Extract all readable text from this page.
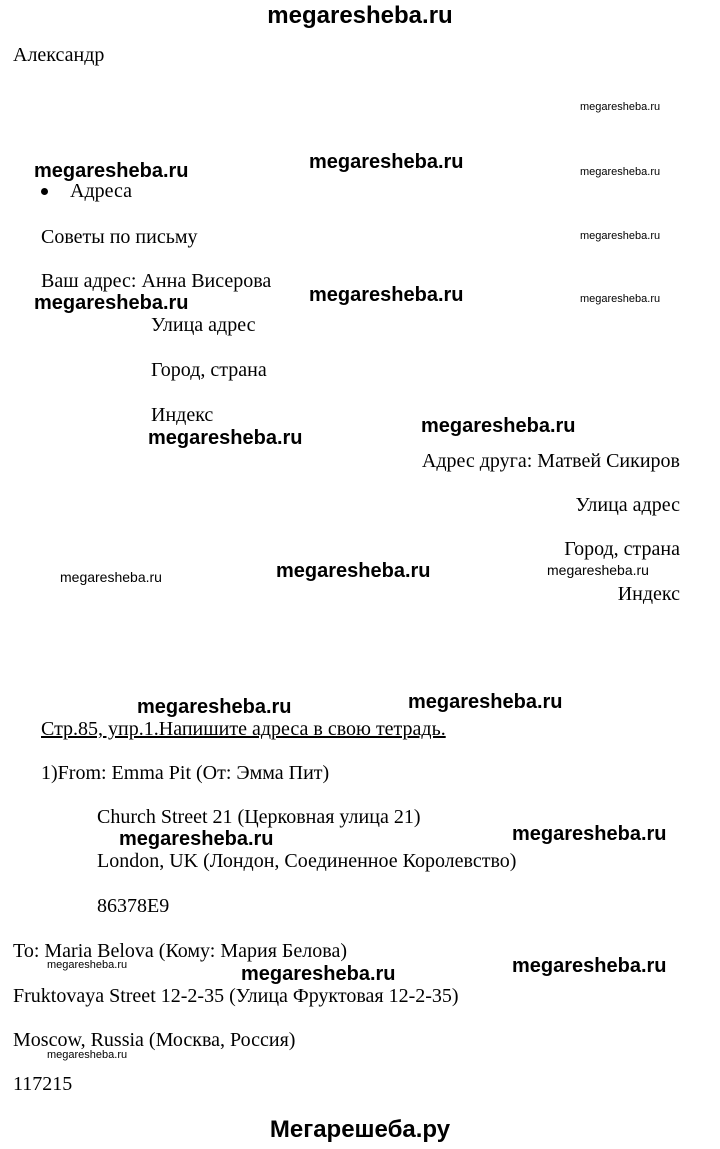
megaresheba.ru
Мегарешеба.ру
Александр
Адреса
Советы по письму
Ваш адрес: Анна Висерова
Улица адрес
Город, страна
Индекс
Адрес друга: Матвей Сикиров
Улица адрес
Город, страна
Индекс
Стр.85, упр.1.Напишите адреса в свою тетрадь.
1)From: Emma Pit (От: Эмма Пит)
Church Street 21 (Церковная улица 21)
London, UK (Лондон, Соединенное Королевство)
86378E9
To: Maria Belova (Кому: Мария Белова)
Fruktovaya Street 12-2-35 (Улица Фруктовая 12-2-35)
Moscow, Russia (Москва, Россия)
117215
megaresheba.ru
megaresheba.ru	megaresheba.ru	megaresheba.ru
megaresheba.ru
megaresheba.ru	megaresheba.ru	megaresheba.ru
megaresheba.ru
megaresheba.ru
megaresheba.ru	megaresheba.ru	megaresheba.ru
megaresheba.ru	megaresheba.ru
megaresheba.ru	megaresheba.ru
megaresheba.ru	megaresheba.ru	megaresheba.ru
megaresheba.ru
